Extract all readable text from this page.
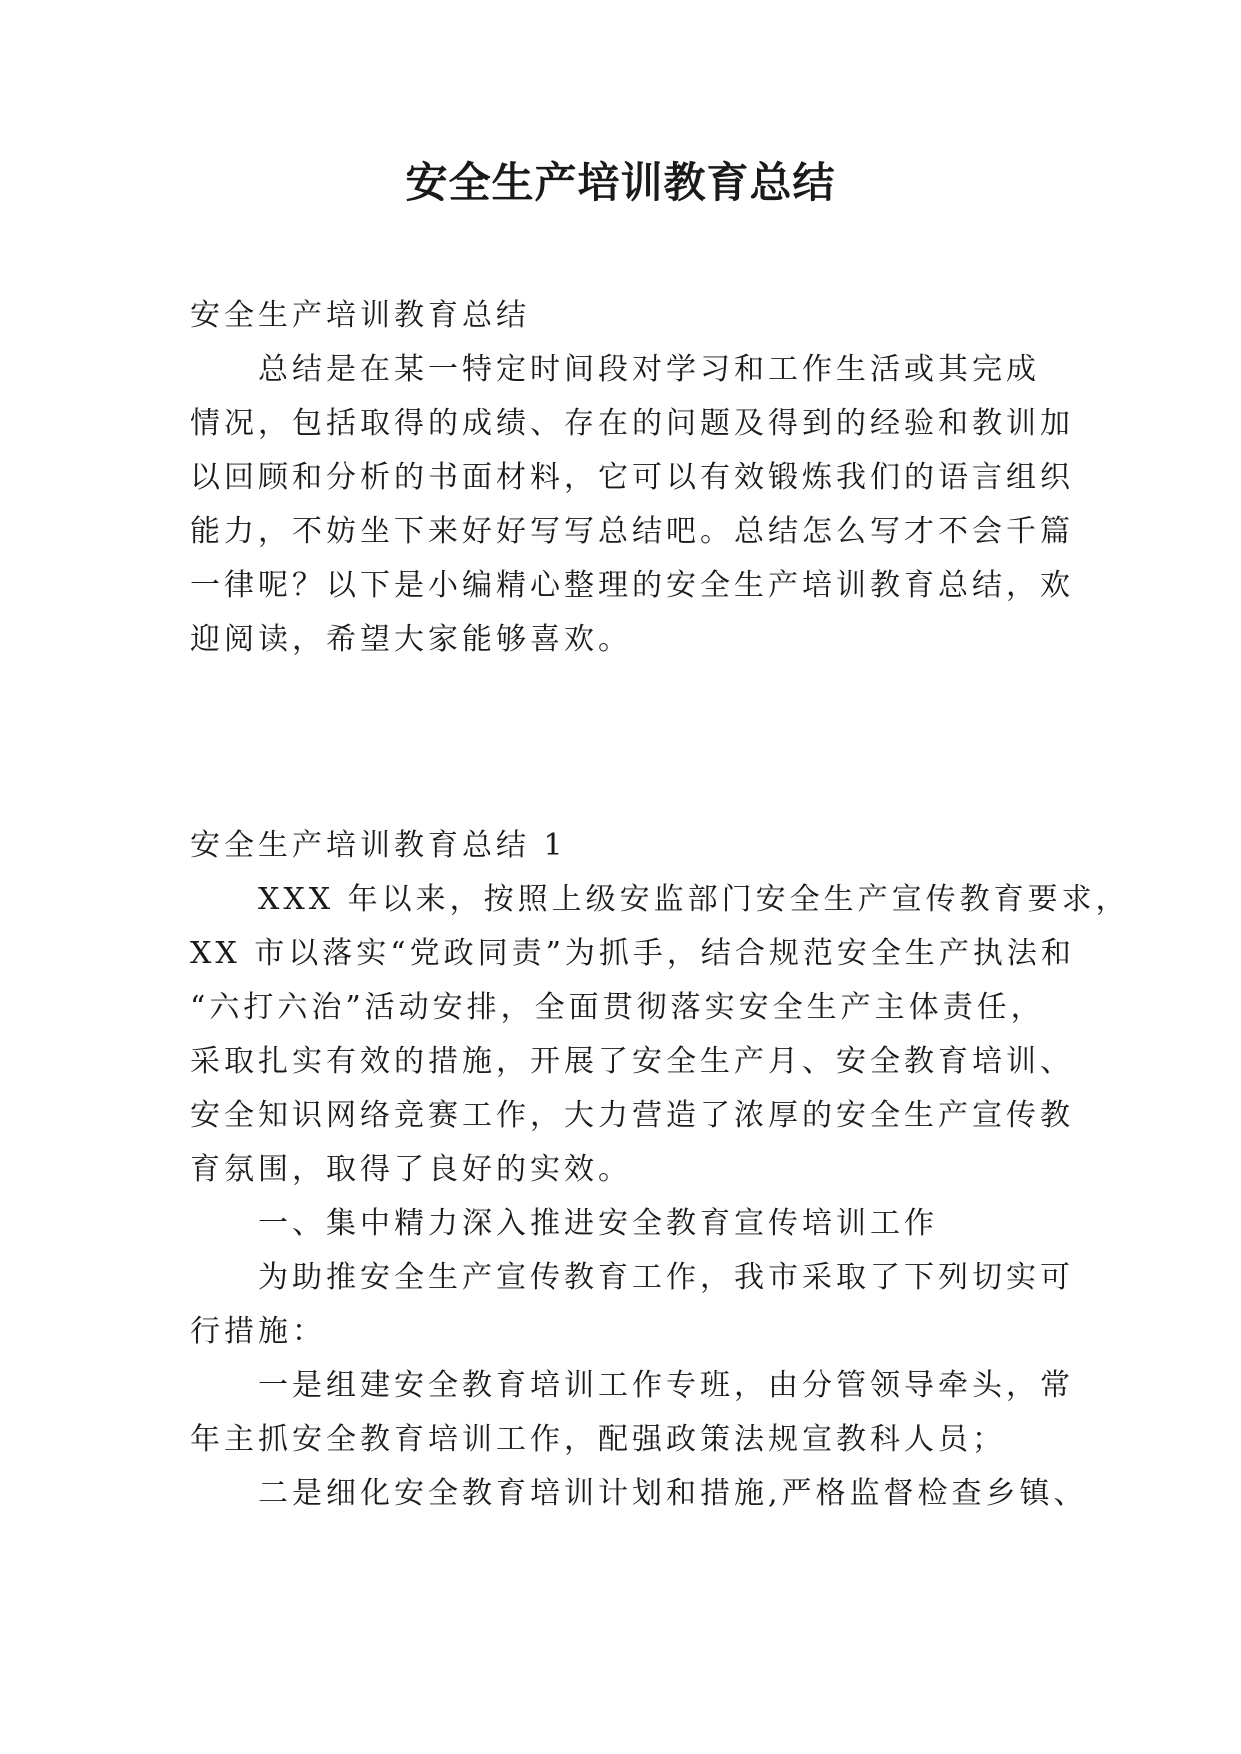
安全生产培训教育总结

安全生产培训教育总结

　　总结是在某一特定时间段对学习和工作生活或其完成

情况，包括取得的成绩、存在的问题及得到的经验和教训加

以回顾和分析的书面材料，它可以有效锻炼我们的语言组织

能力，不妨坐下来好好写写总结吧。总结怎么写才不会千篇

一律呢？以下是小编精心整理的安全生产培训教育总结，欢

迎阅读，希望大家能够喜欢。

安全生产培训教育总结 1

　　XXX 年以来，按照上级安监部门安全生产宣传教育要求，

XX 市以落实“党政同责”为抓手，结合规范安全生产执法和

“六打六治”活动安排，全面贯彻落实安全生产主体责任，

采取扎实有效的措施，开展了安全生产月、安全教育培训、

安全知识网络竞赛工作，大力营造了浓厚的安全生产宣传教

育氛围，取得了良好的实效。

　　一、集中精力深入推进安全教育宣传培训工作

　　为助推安全生产宣传教育工作，我市采取了下列切实可

行措施：

　　一是组建安全教育培训工作专班，由分管领导牵头，常

年主抓安全教育培训工作，配强政策法规宣教科人员；

　　二是细化安全教育培训计划和措施,严格监督检查乡镇、
